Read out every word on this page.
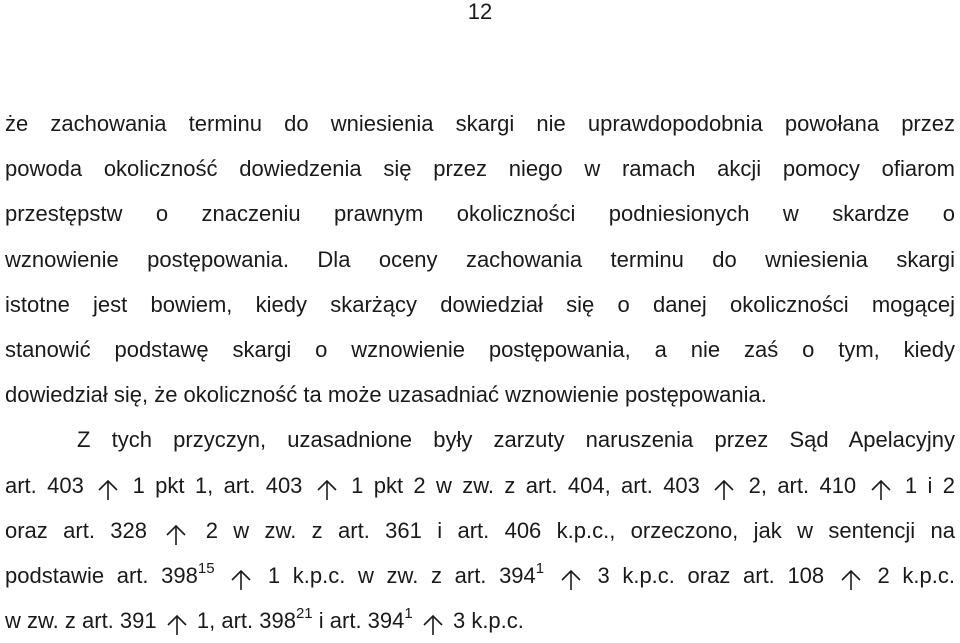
12
że zachowania terminu do wniesienia skargi nie uprawdopodobnia powołana przez
powoda okoliczność dowiedzenia się przez niego w ramach akcji pomocy ofiarom
przestępstw o znaczeniu prawnym okoliczności podniesionych w skardze o
wznowienie postępowania. Dla oceny zachowania terminu do wniesienia skargi
istotne jest bowiem, kiedy skarżący dowiedział się o danej okoliczności mogącej
stanowić podstawę skargi o wznowienie postępowania, a nie zaś o tym, kiedy
dowiedział się, że okoliczność ta może uzasadniać wznowienie postępowania.
Z tych przyczyn, uzasadnione były zarzuty naruszenia przez Sąd Apelacyjny
art. 403 1 pkt 1, art. 403 1 pkt 2 w zw. z art. 404, art. 403 2, art. 410 1 i 2
oraz art. 328	2 w zw. z art. 361 i art. 406 k.p.c., orzeczono, jak w sentencji na
podstawie art. $398^{15}$ 1 k.p.c. w zw. z art. $394^1$ 3 k.p.c. oraz art. 108 2 k.p.c.
w zw. z art. 391 1, art. $398^{21}$ i art. $394^1$ 3 k.p.c.
